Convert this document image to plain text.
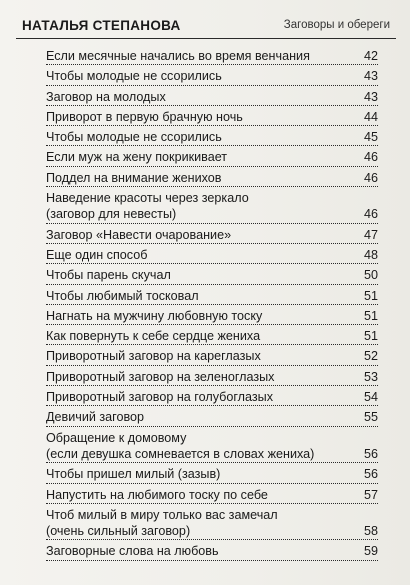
НАТАЛЬЯ СТЕПАНОВА	Заговоры и обереги
Если месячные начались во время венчания	42
Чтобы молодые не ссорились	43
Заговор на молодых	43
Приворот в первую брачную ночь	44
Чтобы молодые не ссорились	45
Если муж на жену покрикивает	46
Поддел на внимание женихов	46
Наведение красоты через зеркало
(заговор для невесты)	46
Заговор «Навести очарование»	47
Еще один способ	48
Чтобы парень скучал	50
Чтобы любимый тосковал	51
Нагнать на мужчину любовную тоску	51
Как повернуть к себе сердце жениха	51
Приворотный заговор на кареглазых	52
Приворотный заговор на зеленоглазых	53
Приворотный заговор на голубоглазых	54
Девичий заговор	55
Обращение к домовому
(если девушка сомневается в словах жениха)	56
Чтобы пришел милый (зазыв)	56
Напустить на любимого тоску по себе	57
Чтоб милый в миру только вас замечал
(очень сильный заговор)	58
Заговорные слова на любовь	59
